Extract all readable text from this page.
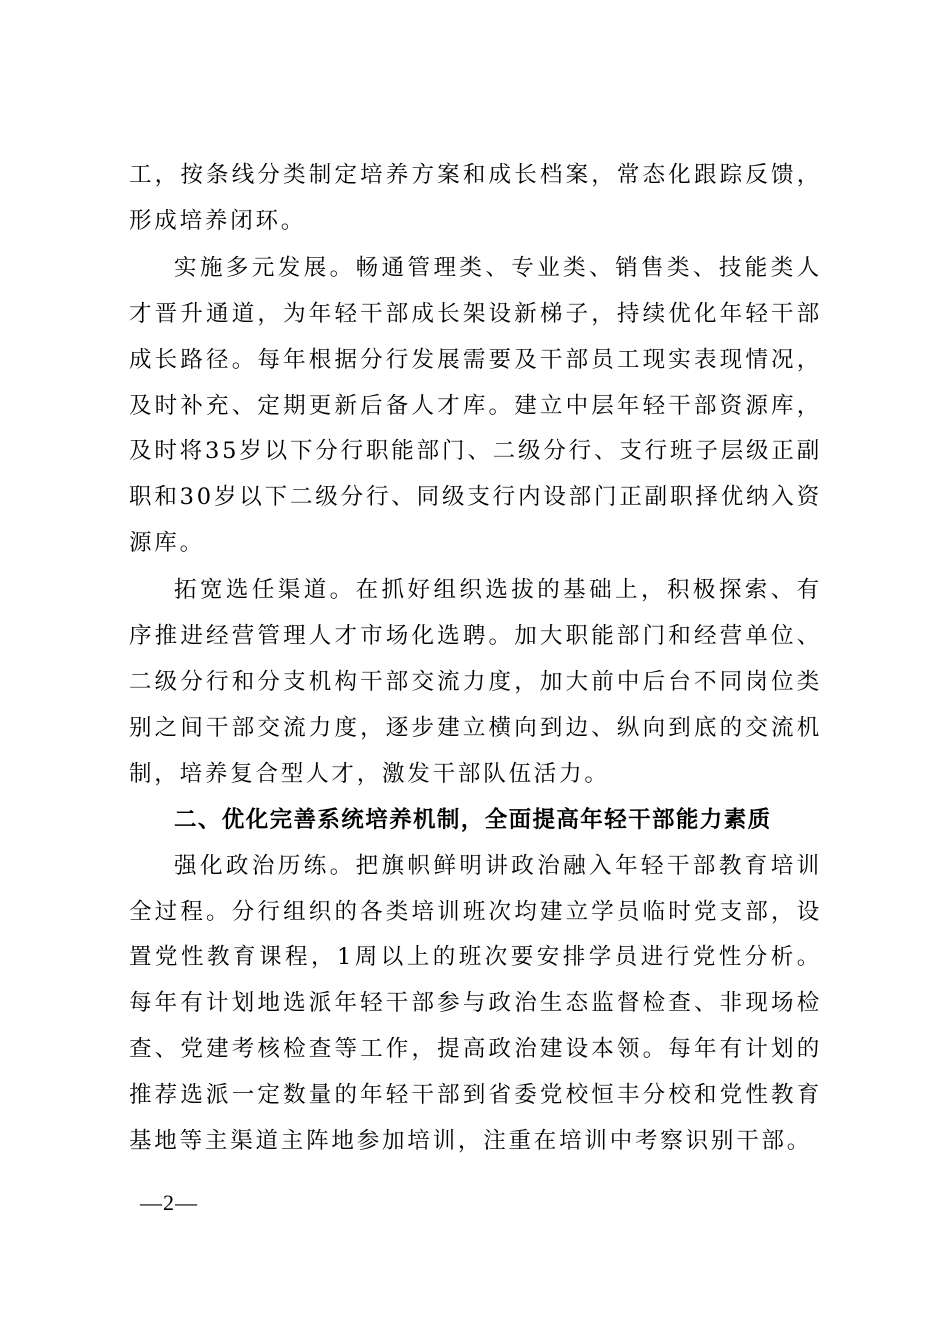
工，按条线分类制定培养方案和成长档案，常态化跟踪反馈，形成培养闭环。

实施多元发展。畅通管理类、专业类、销售类、技能类人才晋升通道，为年轻干部成长架设新梯子，持续优化年轻干部成长路径。每年根据分行发展需要及干部员工现实表现情况，及时补充、定期更新后备人才库。建立中层年轻干部资源库，及时将35岁以下分行职能部门、二级分行、支行班子层级正副职和30岁以下二级分行、同级支行内设部门正副职择优纳入资源库。

拓宽选任渠道。在抓好组织选拔的基础上，积极探索、有序推进经营管理人才市场化选聘。加大职能部门和经营单位、二级分行和分支机构干部交流力度，加大前中后台不同岗位类别之间干部交流力度，逐步建立横向到边、纵向到底的交流机制，培养复合型人才，激发干部队伍活力。

二、优化完善系统培养机制，全面提高年轻干部能力素质

强化政治历练。把旗帜鲜明讲政治融入年轻干部教育培训全过程。分行组织的各类培训班次均建立学员临时党支部，设置党性教育课程，1周以上的班次要安排学员进行党性分析。每年有计划地选派年轻干部参与政治生态监督检查、非现场检查、党建考核检查等工作，提高政治建设本领。每年有计划的推荐选派一定数量的年轻干部到省委党校恒丰分校和党性教育基地等主渠道主阵地参加培训，注重在培训中考察识别干部。

—2—
